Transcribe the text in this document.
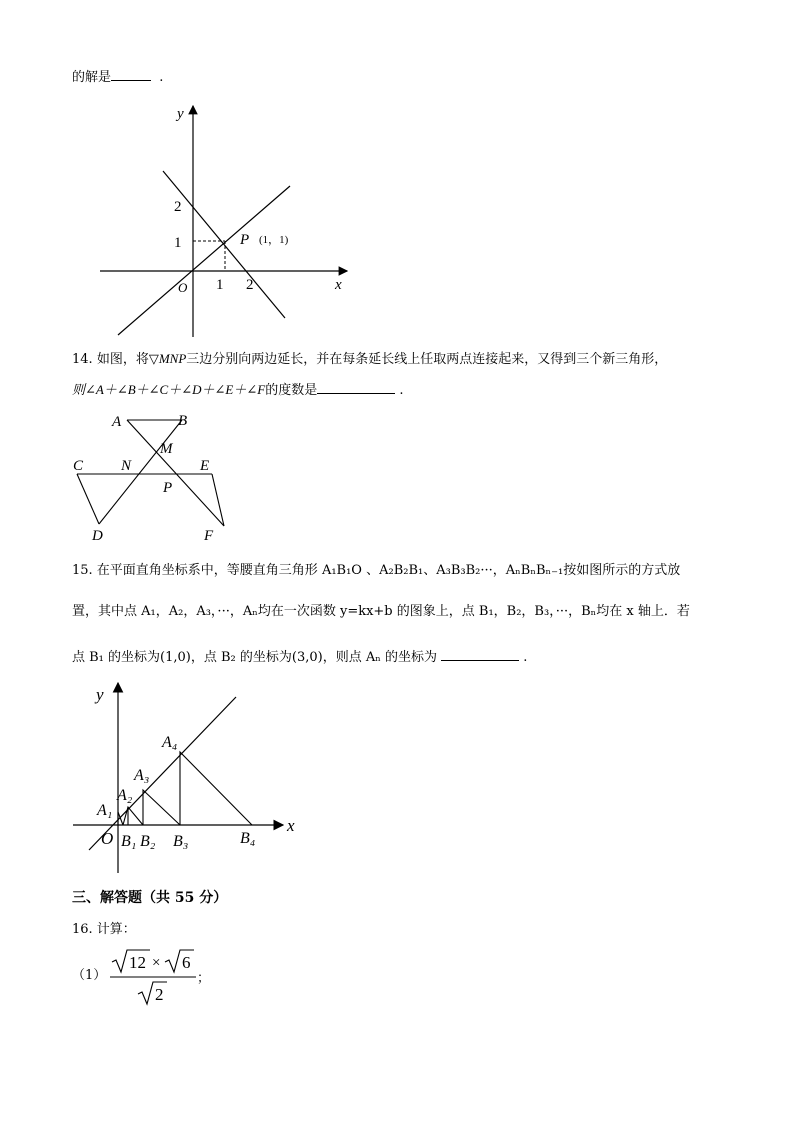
的解是	.
y
x
O 1 2
1
2
P (1，1)
14. 如图，将▽MNP三边分别向两边延长，并在每条延长线上任取两点连接起来，又得到三个新三角形，
则∠A＋∠B＋∠C＋∠D＋∠E＋∠F的度数是	.
A	B
M
C	N	E
P
D	F
15. 在平面直角坐标系中，等腰直角三角形 A₁B₁O 、A₂B₂B₁、A₃B₃B₂···，AₙBₙBₙ₋₁按如图所示的方式放
置，其中点 A₁，A₂，A₃，···，Aₙ均在一次函数 y=kx+b 的图象上，点 B₁，B₂，B₃，···，Bₙ均在 x 轴上．若
点 B₁ 的坐标为(1,0)，点 B₂ 的坐标为(3,0)，则点 Aₙ 的坐标为	.
y
x
O
A₁
A₂
A₃
A₄
B₁ B₂ B₃	B₄
三、解答题（共 55 分）
16. 计算：
（1）
12 × 6
2
；
